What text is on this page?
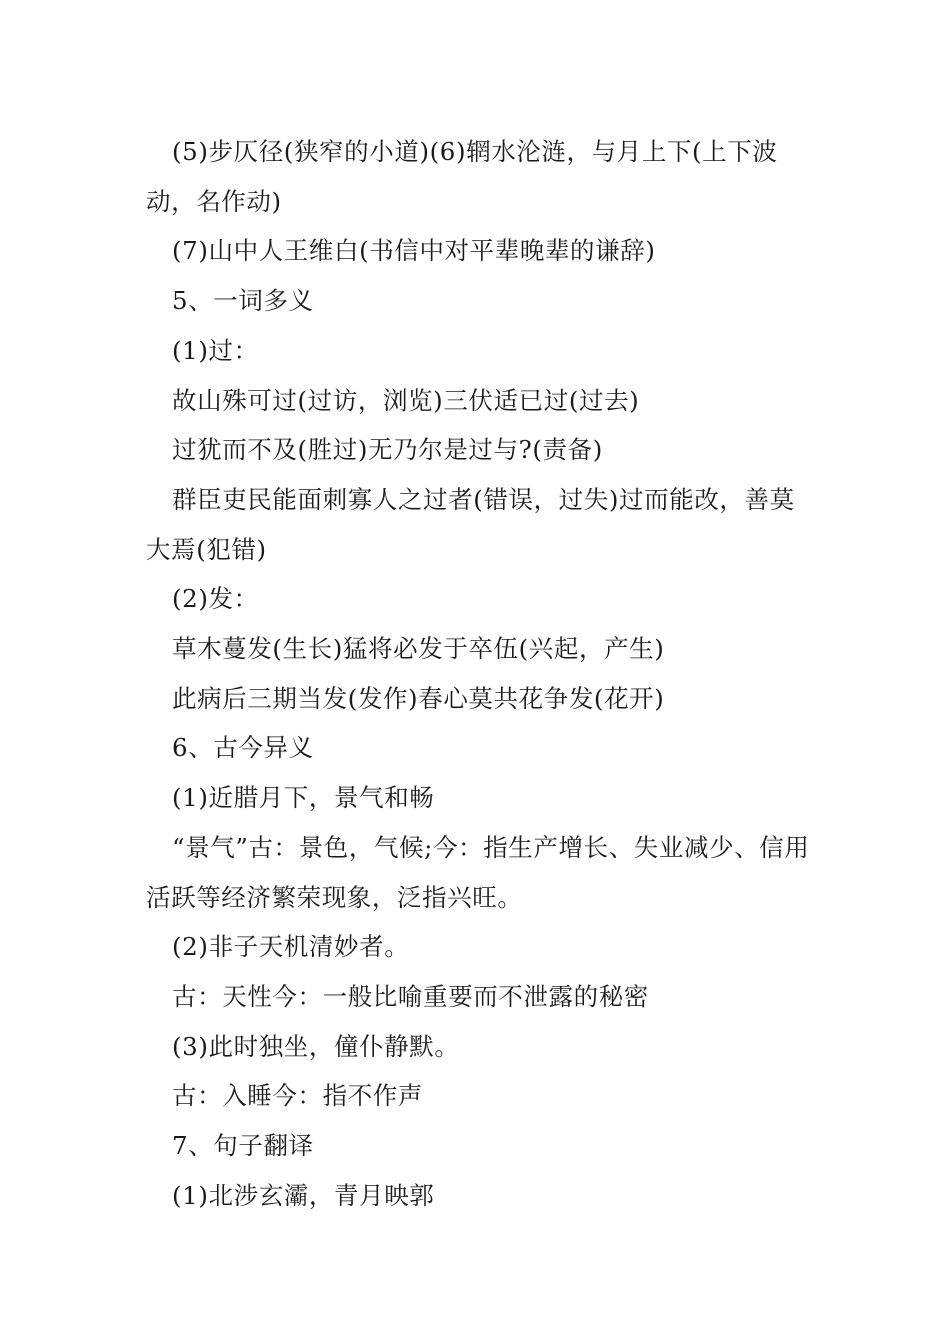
(5)步仄径(狭窄的小道)(6)辋水沦涟，与月上下(上下波动，名作动)

(7)山中人王维白(书信中对平辈晚辈的谦辞)

5、一词多义

(1)过：

故山殊可过(过访，浏览)三伏适已过(过去)

过犹而不及(胜过)无乃尔是过与?(责备)

群臣吏民能面刺寡人之过者(错误，过失)过而能改，善莫大焉(犯错)

(2)发：

草木蔓发(生长)猛将必发于卒伍(兴起，产生)

此病后三期当发(发作)春心莫共花争发(花开)

6、古今异义

(1)近腊月下，景气和畅

“景气”古：景色，气候;今：指生产增长、失业减少、信用活跃等经济繁荣现象，泛指兴旺。

(2)非子天机清妙者。

古：天性今：一般比喻重要而不泄露的秘密

(3)此时独坐，僮仆静默。

古：入睡今：指不作声

7、句子翻译

(1)北涉玄灞，青月映郭
